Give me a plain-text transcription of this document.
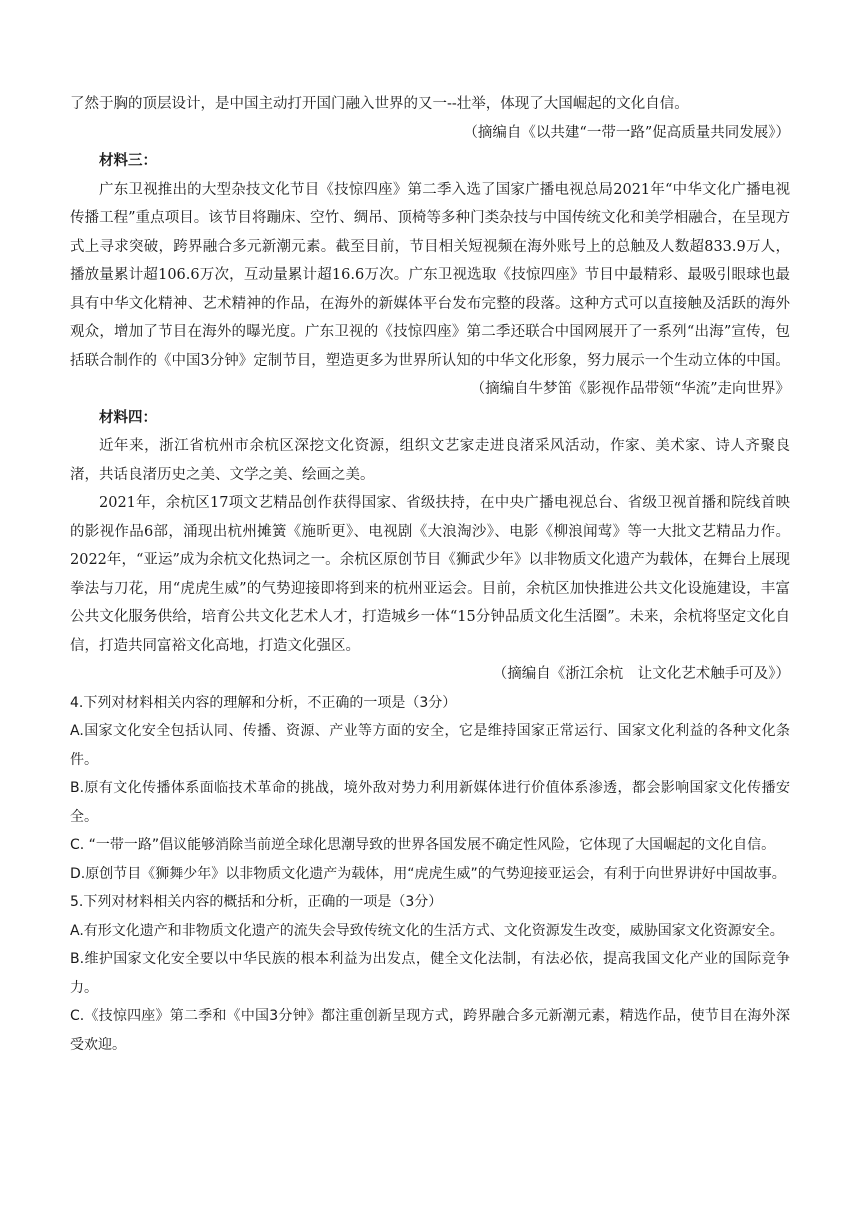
了然于胸的顶层设计，是中国主动打开国门融入世界的又一--壮举，体现了大国崛起的文化自信。

（摘编自《以共建“一带一路”促高质量共同发展》）

材料三：

广东卫视推出的大型杂技文化节目《技惊四座》第二季入选了国家广播电视总局2021年“中华文化广播电视传播工程”重点项目。该节目将蹦床、空竹、绸吊、顶椅等多种门类杂技与中国传统文化和美学相融合，在呈现方式上寻求突破，跨界融合多元新潮元素。截至目前，节目相关短视频在海外账号上的总触及人数超833.9万人，播放量累计超106.6万次，互动量累计超16.6万次。广东卫视选取《技惊四座》节目中最精彩、最吸引眼球也最具有中华文化精神、艺术精神的作品，在海外的新媒体平台发布完整的段落。这种方式可以直接触及活跃的海外观众，增加了节目在海外的曝光度。广东卫视的《技惊四座》第二季还联合中国网展开了一系列“出海”宣传，包括联合制作的《中国3分钟》定制节目，塑造更多为世界所认知的中华文化形象，努力展示一个生动立体的中国。

（摘编自牛梦笛《影视作品带领“华流”走向世界》

材料四：

近年来，浙江省杭州市余杭区深挖文化资源，组织文艺家走进良渚采风活动，作家、美术家、诗人齐聚良渚，共话良渚历史之美、文学之美、绘画之美。

2021年，余杭区17项文艺精品创作获得国家、省级扶持，在中央广播电视总台、省级卫视首播和院线首映的影视作品6部，涌现出杭州摊簧《施昕更》、电视剧《大浪淘沙》、电影《柳浪闻莺》等一大批文艺精品力作。2022年，“亚运”成为余杭文化热词之一。余杭区原创节目《狮武少年》以非物质文化遗产为载体，在舞台上展现拳法与刀花，用“虎虎生威”的气势迎接即将到来的杭州亚运会。目前，余杭区加快推进公共文化设施建设，丰富公共文化服务供给，培育公共文化艺术人才，打造城乡一体“15分钟品质文化生活圈”。未来，余杭将坚定文化自信，打造共同富裕文化高地，打造文化强区。

（摘编自《浙江余杭　让文化艺术触手可及》）

4.下列对材料相关内容的理解和分析，不正确的一项是（3分）

A.国家文化安全包括认同、传播、资源、产业等方面的安全，它是维持国家正常运行、国家文化利益的各种文化条件。

B.原有文化传播体系面临技术革命的挑战，境外敌对势力利用新媒体进行价值体系渗透，都会影响国家文化传播安全。

C. “一带一路”倡议能够消除当前逆全球化思潮导致的世界各国发展不确定性风险，它体现了大国崛起的文化自信。

D.原创节目《狮舞少年》以非物质文化遗产为载体，用“虎虎生威”的气势迎接亚运会，有利于向世界讲好中国故事。

5.下列对材料相关内容的概括和分析，正确的一项是（3分）

A.有形文化遗产和非物质文化遗产的流失会导致传统文化的生活方式、文化资源发生改变，威胁国家文化资源安全。

B.维护国家文化安全要以中华民族的根本利益为出发点，健全文化法制，有法必依，提高我国文化产业的国际竞争力。

C.《技惊四座》第二季和《中国3分钟》都注重创新呈现方式，跨界融合多元新潮元素，精选作品，使节目在海外深受欢迎。
